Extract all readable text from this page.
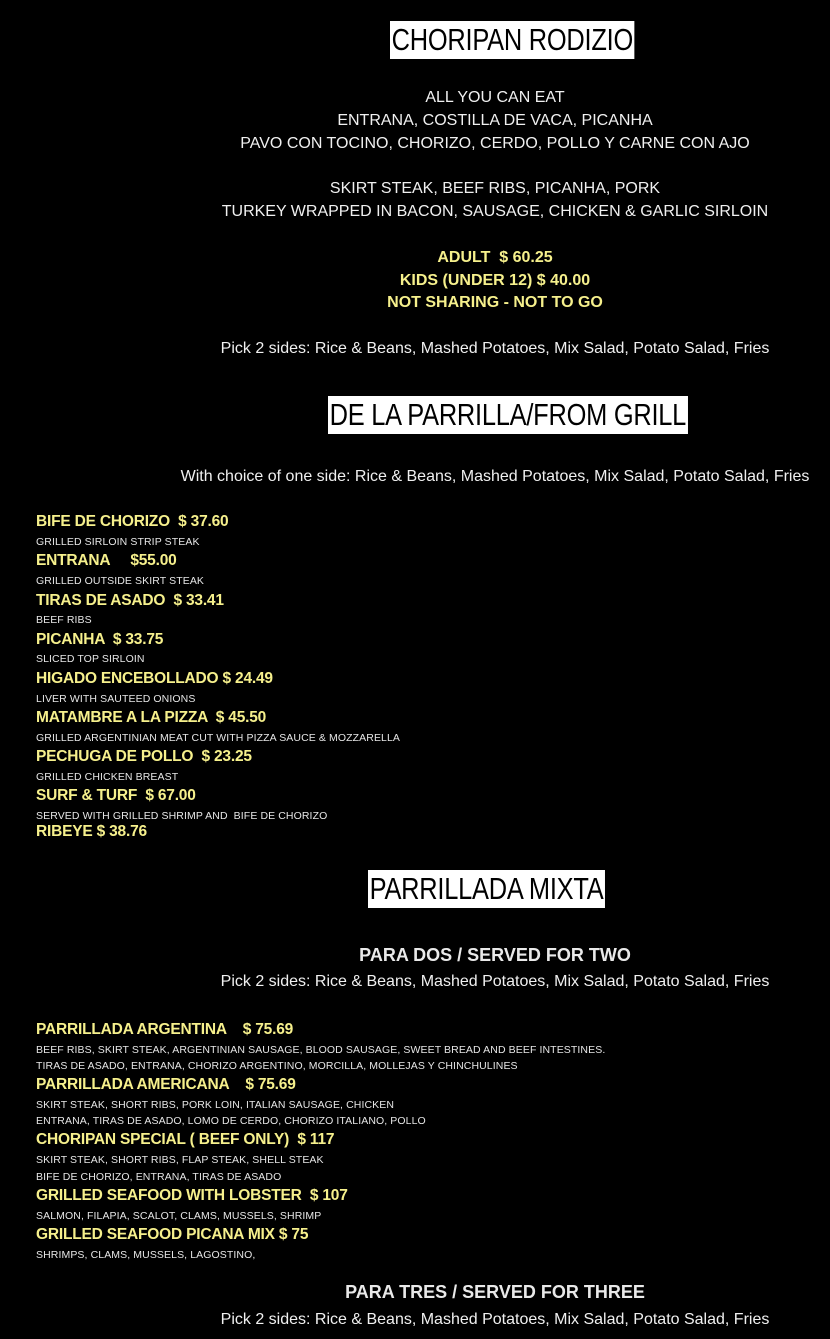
CHORIPAN RODIZIO
ALL YOU CAN EAT
ENTRANA, COSTILLA DE VACA, PICANHA
PAVO CON TOCINO, CHORIZO, CERDO, POLLO Y CARNE CON AJO
SKIRT STEAK, BEEF RIBS, PICANHA, PORK
TURKEY WRAPPED IN BACON, SAUSAGE, CHICKEN & GARLIC SIRLOIN
ADULT  $ 60.25
KIDS (UNDER 12) $ 40.00
NOT SHARING - NOT TO GO
Pick 2 sides: Rice & Beans, Mashed Potatoes, Mix Salad, Potato Salad, Fries
DE LA PARRILLA/FROM GRILL
With choice of one side: Rice & Beans, Mashed Potatoes, Mix Salad, Potato Salad, Fries
BIFE DE CHORIZO  $ 37.60
GRILLED SIRLOIN STRIP STEAK
ENTRANA     $55.00
GRILLED OUTSIDE SKIRT STEAK
TIRAS DE ASADO  $ 33.41
BEEF RIBS
PICANHA  $ 33.75
SLICED TOP SIRLOIN
HIGADO ENCEBOLLADO $ 24.49
LIVER WITH SAUTEED ONIONS
MATAMBRE A LA PIZZA  $ 45.50
GRILLED ARGENTINIAN MEAT CUT WITH PIZZA SAUCE & MOZZARELLA
PECHUGA DE POLLO  $ 23.25
GRILLED CHICKEN BREAST
SURF & TURF  $ 67.00
SERVED WITH GRILLED SHRIMP AND  BIFE DE CHORIZO
RIBEYE $ 38.76
PARRILLADA MIXTA
PARA DOS / SERVED FOR TWO
Pick 2 sides: Rice & Beans, Mashed Potatoes, Mix Salad, Potato Salad, Fries
PARRILLADA ARGENTINA    $ 75.69
BEEF RIBS, SKIRT STEAK, ARGENTINIAN SAUSAGE, BLOOD SAUSAGE, SWEET BREAD AND BEEF INTESTINES.
TIRAS DE ASADO, ENTRANA, CHORIZO ARGENTINO, MORCILLA, MOLLEJAS Y CHINCHULINES
PARRILLADA AMERICANA    $ 75.69
SKIRT STEAK, SHORT RIBS, PORK LOIN, ITALIAN SAUSAGE, CHICKEN
ENTRANA, TIRAS DE ASADO, LOMO DE CERDO, CHORIZO ITALIANO, POLLO
CHORIPAN SPECIAL ( BEEF ONLY)  $ 117
SKIRT STEAK, SHORT RIBS, FLAP STEAK, SHELL STEAK
BIFE DE CHORIZO, ENTRANA, TIRAS DE ASADO
GRILLED SEAFOOD WITH LOBSTER  $ 107
SALMON, FILAPIA, SCALOT, CLAMS, MUSSELS, SHRIMP
GRILLED SEAFOOD PICANA MIX $ 75
SHRIMPS, CLAMS, MUSSELS, LAGOSTINO,
PARA TRES / SERVED FOR THREE
Pick 2 sides: Rice & Beans, Mashed Potatoes, Mix Salad, Potato Salad, Fries
